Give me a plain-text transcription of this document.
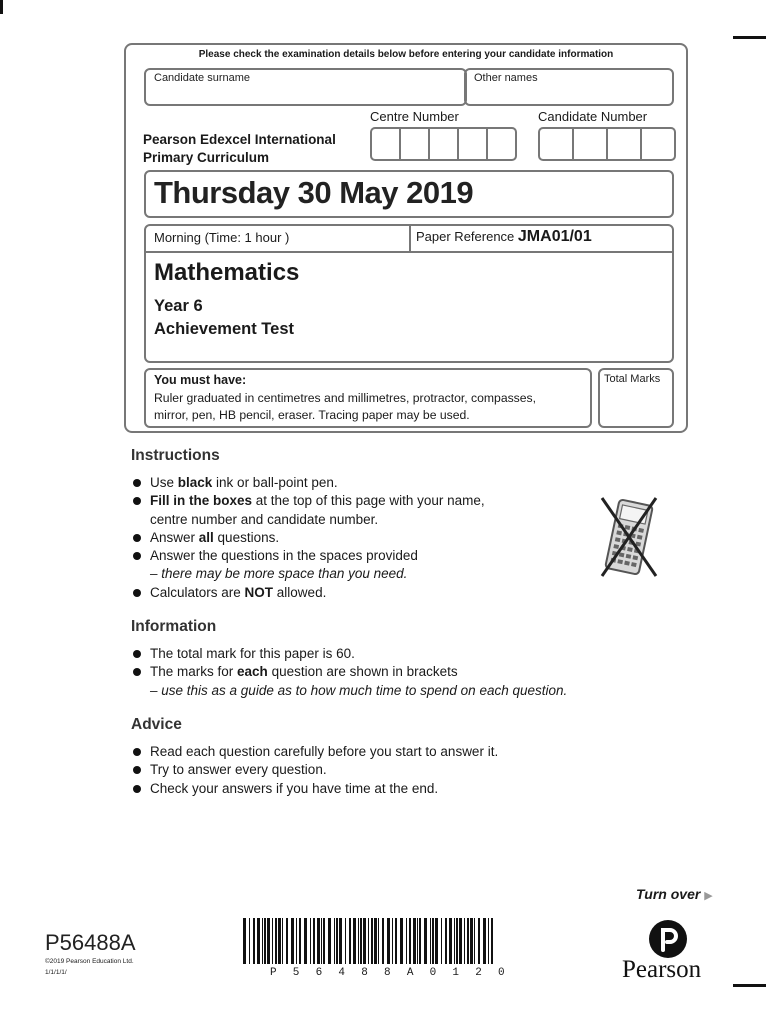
Please check the examination details below before entering your candidate information
Candidate surname	Other names
Pearson Edexcel International
Primary Curriculum
Centre Number	Candidate Number
Thursday 30 May 2019
Morning (Time: 1 hour )	Paper Reference JMA01/01
Mathematics
Year 6
Achievement Test
You must have:
Ruler graduated in centimetres and millimetres, protractor, compasses,
mirror, pen, HB pencil, eraser. Tracing paper may be used.
Total Marks
Instructions
Use black ink or ball-point pen.
Fill in the boxes at the top of this page with your name,
centre number and candidate number.
Answer all questions.
Answer the questions in the spaces provided
– there may be more space than you need.
Calculators are NOT allowed.
Information
The total mark for this paper is 60.
The marks for each question are shown in brackets
– use this as a guide as to how much time to spend on each question.
Advice
Read each question carefully before you start to answer it.
Try to answer every question.
Check your answers if you have time at the end.
Turn over ▶
P56488A
©2019 Pearson Education Ltd.
1/1/1/1/	P  5  6  4  8  8  A  0  1  2  0	Pearson
